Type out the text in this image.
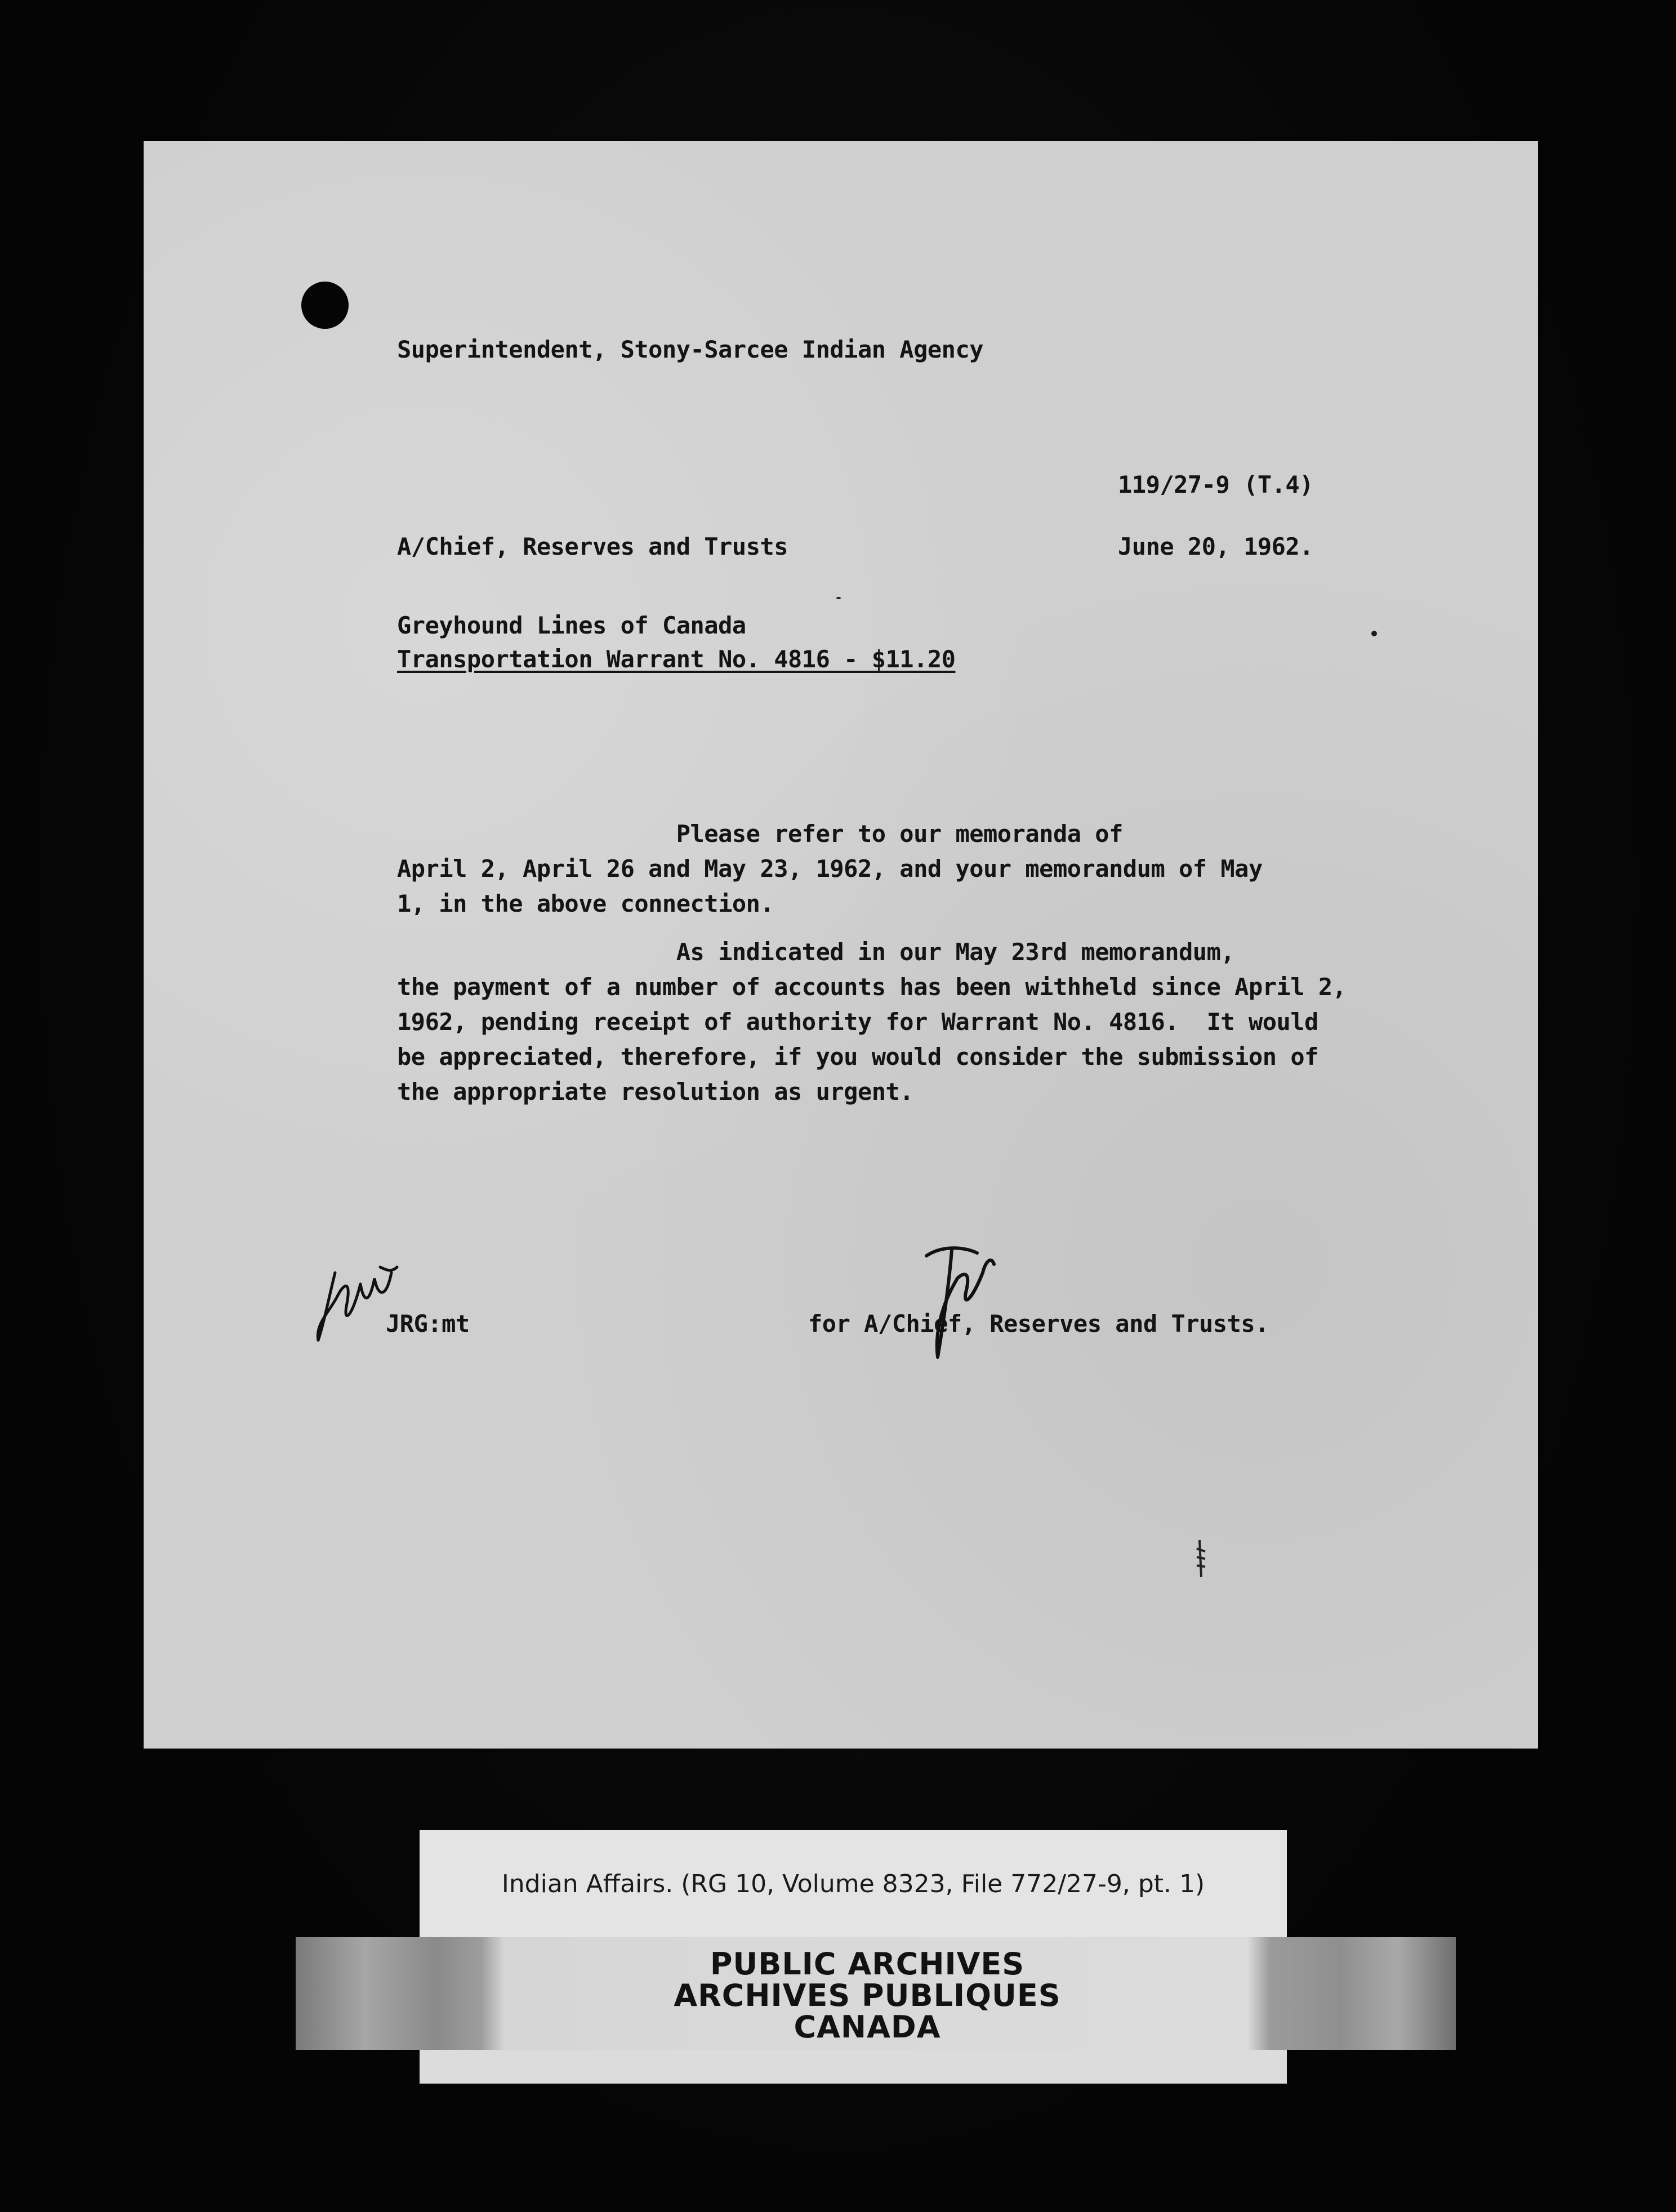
Superintendent, Stony-Sarcee Indian Agency
119/27-9 (T.4)
A/Chief, Reserves and Trusts	June 20, 1962.
Greyhound Lines of Canada
Transportation Warrant No. 4816 - $11.20
Please refer to our memoranda of
April 2, April 26 and May 23, 1962, and your memorandum of May
1, in the above connection.
As indicated in our May 23rd memorandum,
the payment of a number of accounts has been withheld since April 2,
1962, pending receipt of authority for Warrant No. 4816.  It would
be appreciated, therefore, if you would consider the submission of
the appropriate resolution as urgent.
JRG:mt	for A/Chief, Reserves and Trusts.
Indian Affairs. (RG 10, Volume 8323, File 772/27-9, pt. 1)
PUBLIC ARCHIVES
ARCHIVES PUBLIQUES
CANADA
